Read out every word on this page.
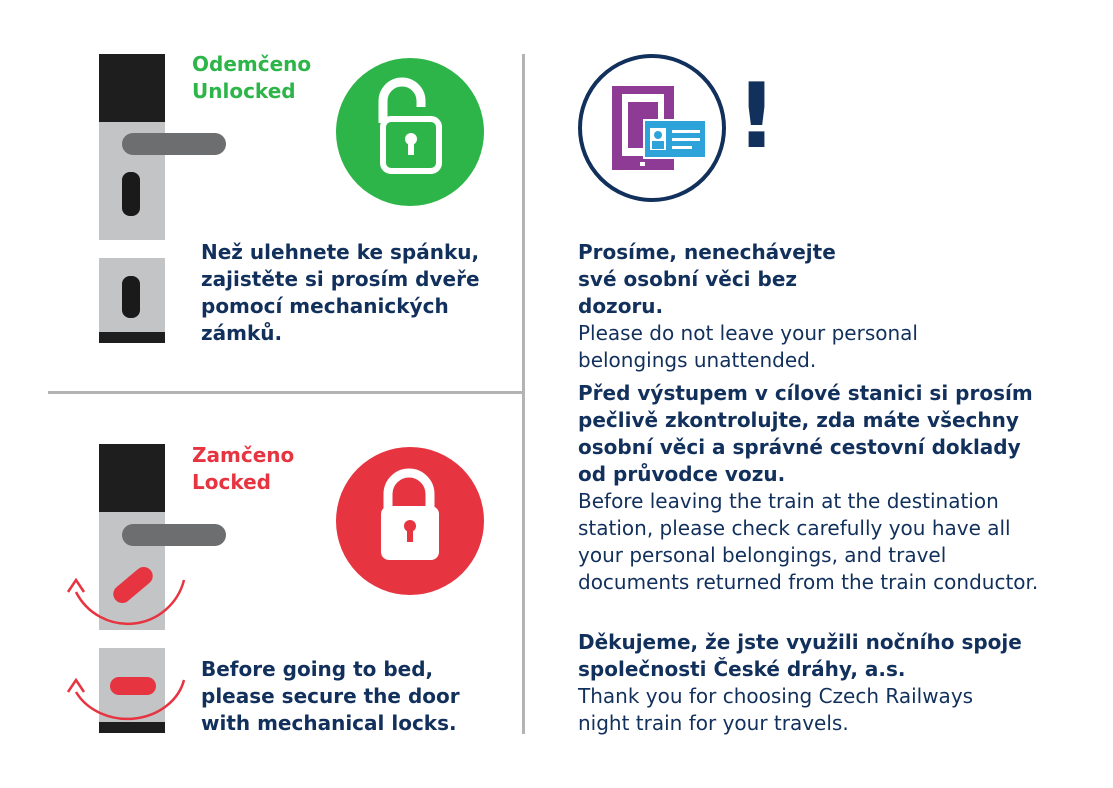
Odemčeno
Unlocked
Než ulehnete ke spánku, zajistěte si prosím dveře pomocí mechanických zámků.
Zamčeno
Locked
Before going to bed, please secure the door with mechanical locks.
!

Prosíme, nenechávejte své osobní věci bez dozoru.

Please do not leave your personal belongings unattended.

Před výstupem v cílové stanici si prosím pečlivě zkontrolujte, zda máte všechny osobní věci a správné cestovní doklady od průvodce vozu.

Before leaving the train at the destination station, please check carefully you have all your personal belongings, and travel documents returned from the train conductor.

Děkujeme, že jste využili nočního spoje společnosti České dráhy, a.s.

Thank you for choosing Czech Railways night train for your travels.
